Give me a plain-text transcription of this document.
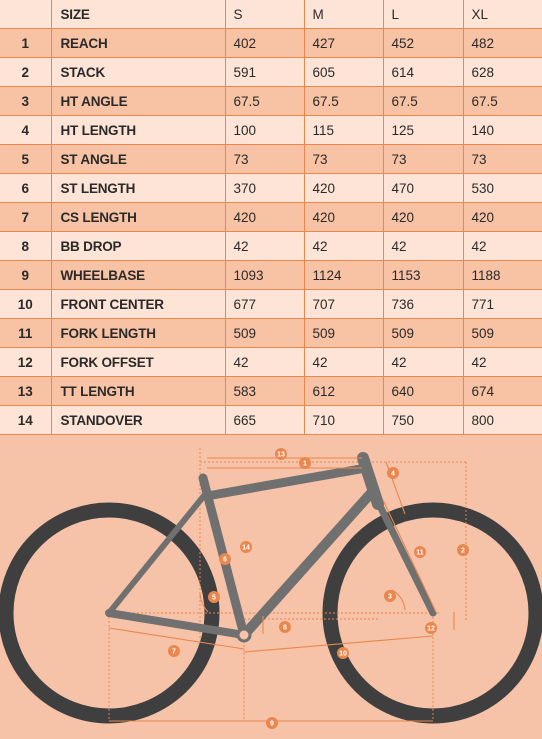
	SIZE	S	M	L	XL
1	REACH	402	427	452	482
2	STACK	591	605	614	628
3	HT ANGLE	67.5	67.5	67.5	67.5
4	HT LENGTH	100	115	125	140
5	ST ANGLE	73	73	73	73
6	ST LENGTH	370	420	470	530
7	CS LENGTH	420	420	420	420
8	BB DROP	42	42	42	42
9	WHEELBASE	1093	1124	1153	1188
10	FRONT CENTER	677	707	736	771
11	FORK LENGTH	509	509	509	509
12	FORK OFFSET	42	42	42	42
13	TT LENGTH	583	612	640	674
14	STANDOVER	665	710	750	800
1
13
4
2
11
3
12
6
14
5
8
7	10
9
